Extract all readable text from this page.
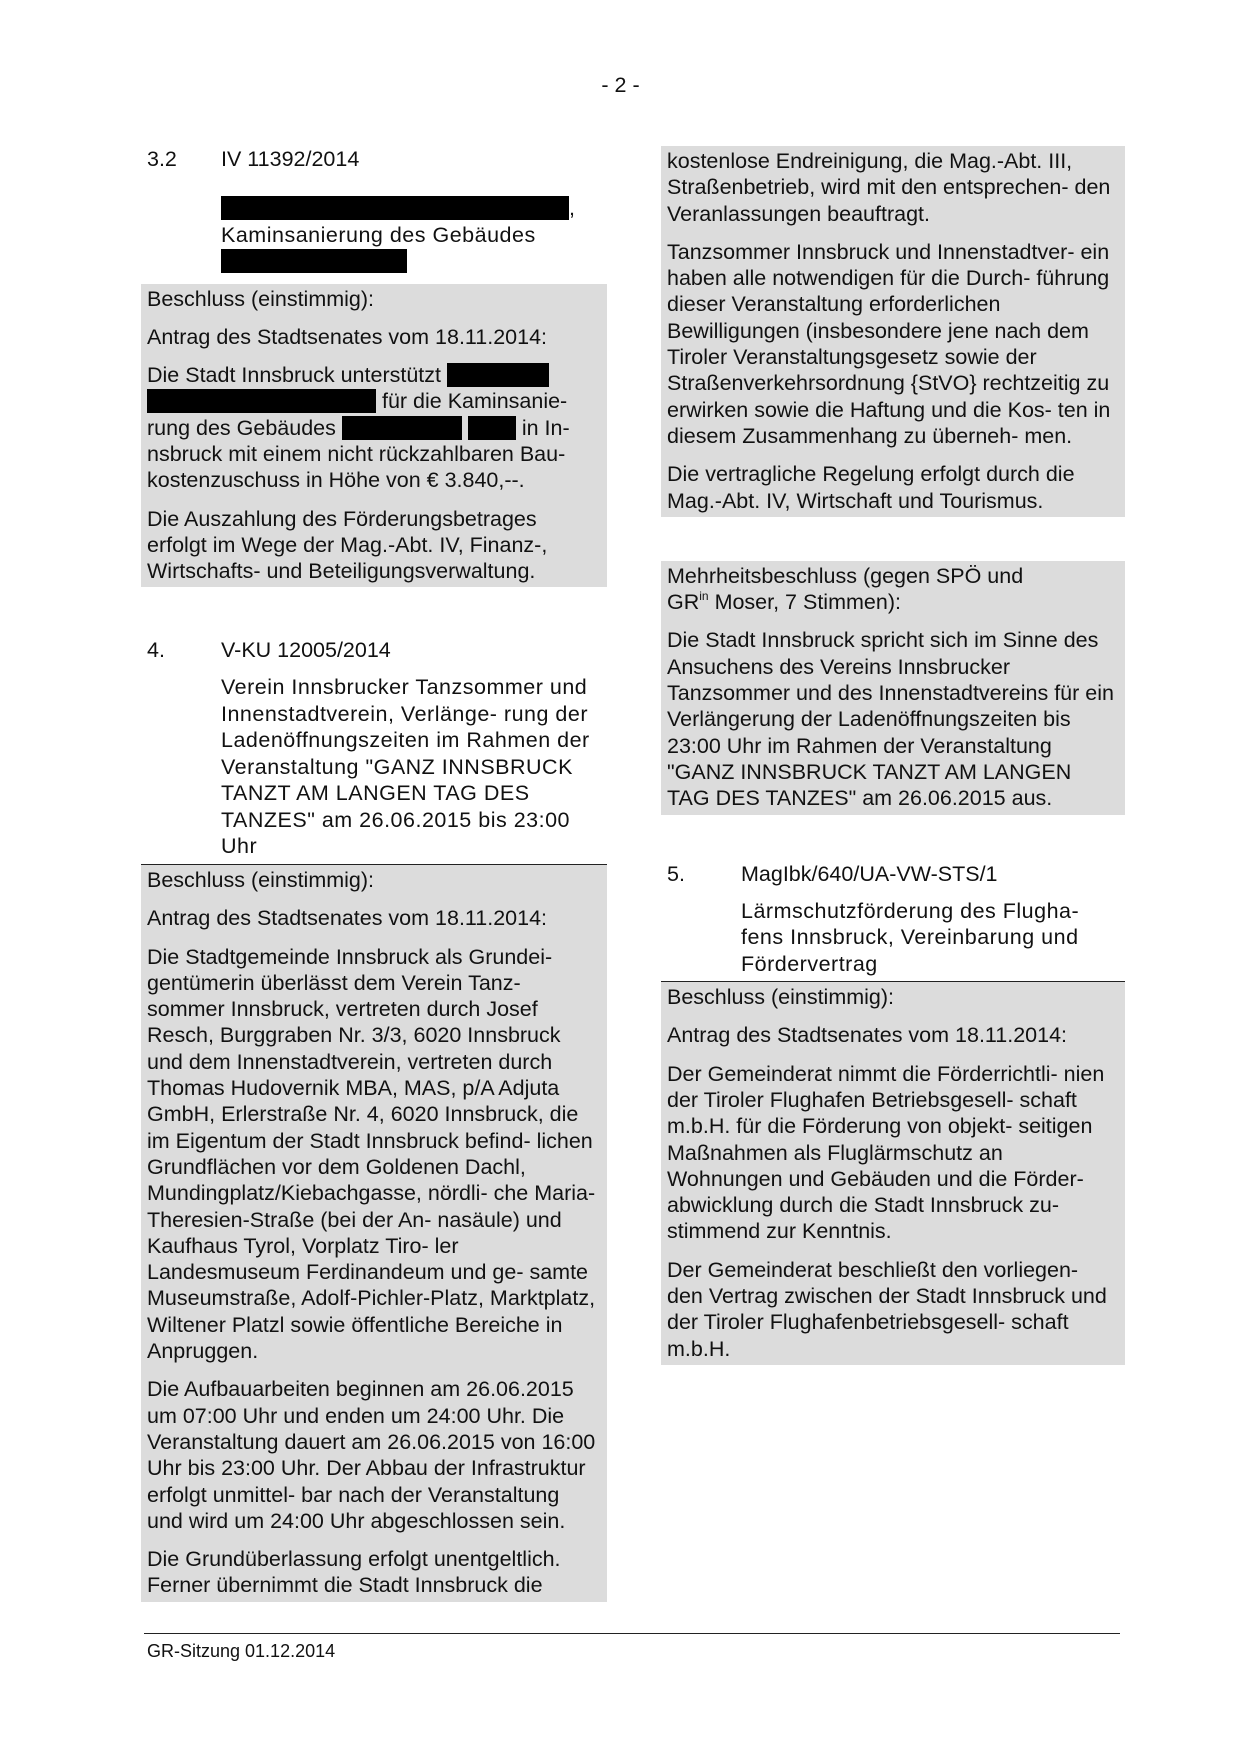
- 2 -
3.2 IV 11392/2014
,
Kaminsanierung des Gebäudes

Beschluss (einstimmig):

Antrag des Stadtsenates vom 18.11.2014:

Die Stadt Innsbruck unterstützt
für die Kaminsanie-
rung des Gebäudes	in In-
nsbruck mit einem nicht rückzahlbaren Bau-
kostenzuschuss in Höhe von € 3.840,--.

Die Auszahlung des Förderungsbetrages erfolgt im Wege der Mag.-Abt. IV, Finanz-, Wirtschafts- und Beteiligungsverwaltung.

4.	V-KU 12005/2014
Verein Innsbrucker Tanzsommer und Innenstadtverein, Verlänge- rung der Ladenöffnungszeiten im Rahmen der Veranstaltung "GANZ INNSBRUCK TANZT AM LANGEN TAG DES TANZES" am 26.06.2015 bis 23:00 Uhr

Beschluss (einstimmig):

Antrag des Stadtsenates vom 18.11.2014:

Die Stadtgemeinde Innsbruck als Grundei- gentümerin überlässt dem Verein Tanz- sommer Innsbruck, vertreten durch Josef Resch, Burggraben Nr. 3/3, 6020 Innsbruck und dem Innenstadtverein, vertreten durch Thomas Hudovernik MBA, MAS, p/A Adjuta GmbH, Erlerstraße Nr. 4, 6020 Innsbruck, die im Eigentum der Stadt Innsbruck befind- lichen Grundflächen vor dem Goldenen Dachl, Mundingplatz/Kiebachgasse, nördli- che Maria-Theresien-Straße (bei der An- nasäule) und Kaufhaus Tyrol, Vorplatz Tiro- ler Landesmuseum Ferdinandeum und ge- samte Museumstraße, Adolf-Pichler-Platz, Marktplatz, Wiltener Platzl sowie öffentliche Bereiche in Anpruggen.

Die Aufbauarbeiten beginnen am 26.06.2015 um 07:00 Uhr und enden um 24:00 Uhr. Die Veranstaltung dauert am 26.06.2015 von 16:00 Uhr bis 23:00 Uhr. Der Abbau der Infrastruktur erfolgt unmittel- bar nach der Veranstaltung und wird um 24:00 Uhr abgeschlossen sein.

Die Grundüberlassung erfolgt unentgeltlich. Ferner übernimmt die Stadt Innsbruck die

kostenlose Endreinigung, die Mag.-Abt. III, Straßenbetrieb, wird mit den entsprechen- den Veranlassungen beauftragt.

Tanzsommer Innsbruck und Innenstadtver- ein haben alle notwendigen für die Durch- führung dieser Veranstaltung erforderlichen Bewilligungen (insbesondere jene nach dem Tiroler Veranstaltungsgesetz sowie der Straßenverkehrsordnung {StVO} rechtzeitig zu erwirken sowie die Haftung und die Kos- ten in diesem Zusammenhang zu überneh- men.

Die vertragliche Regelung erfolgt durch die Mag.-Abt. IV, Wirtschaft und Tourismus.

Mehrheitsbeschluss (gegen SPÖ und
$GR^{in}$ Moser, 7 Stimmen):

Die Stadt Innsbruck spricht sich im Sinne des Ansuchens des Vereins Innsbrucker Tanzsommer und des Innenstadtvereins für ein Verlängerung der Ladenöffnungszeiten bis 23:00 Uhr im Rahmen der Veranstaltung "GANZ INNSBRUCK TANZT AM LANGEN TAG DES TANZES" am 26.06.2015 aus.

5.	MagIbk/640/UA-VW-STS/1
Lärmschutzförderung des Flugha- fens Innsbruck, Vereinbarung und Fördervertrag

Beschluss (einstimmig):

Antrag des Stadtsenates vom 18.11.2014:

Der Gemeinderat nimmt die Förderrichtli- nien der Tiroler Flughafen Betriebsgesell- schaft m.b.H. für die Förderung von objekt- seitigen Maßnahmen als Fluglärmschutz an Wohnungen und Gebäuden und die Förder- abwicklung durch die Stadt Innsbruck zu- stimmend zur Kenntnis.

Der Gemeinderat beschließt den vorliegen- den Vertrag zwischen der Stadt Innsbruck und der Tiroler Flughafenbetriebsgesell- schaft m.b.H.

GR-Sitzung 01.12.2014
